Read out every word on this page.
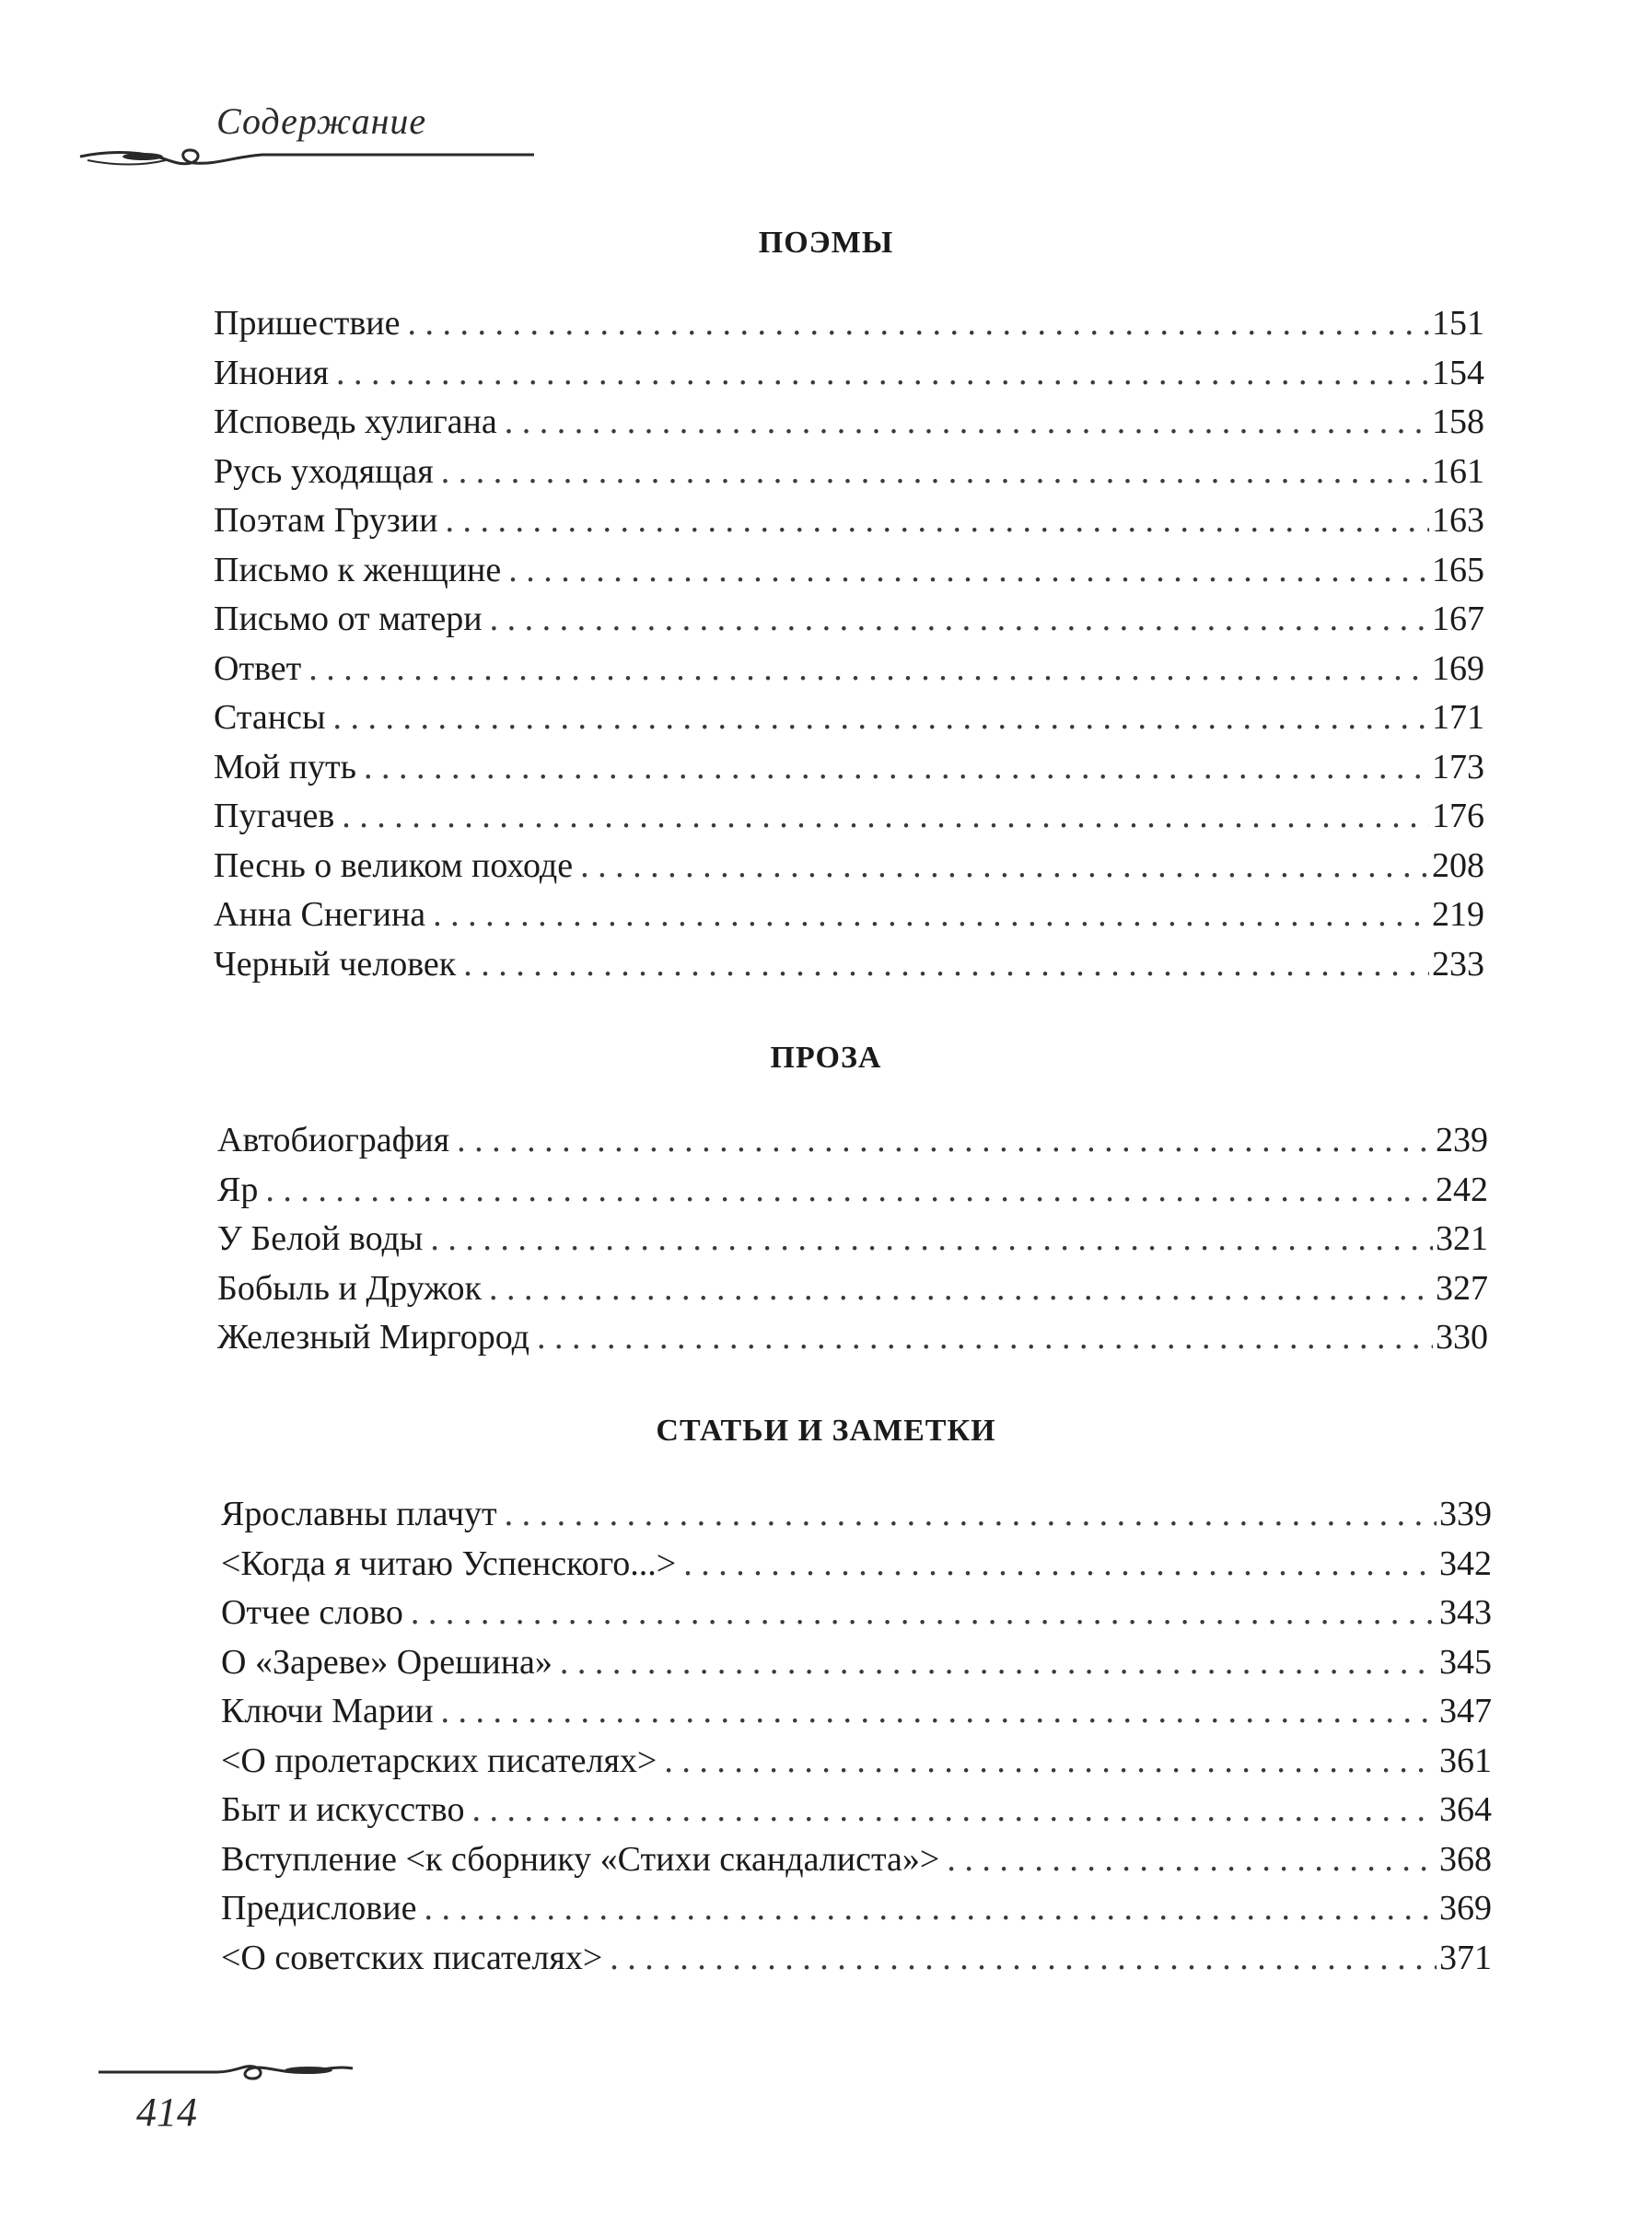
Содержание
ПОЭМЫ
Пришествие . . .	151
Инония . . .	154
Исповедь хулигана . . .	158
Русь уходящая . . .	161
Поэтам Грузии . . .	163
Письмо к женщине . . .	165
Письмо от матери . . .	167
Ответ . . .	169
Стансы . . .	171
Мой путь . . .	173
Пугачев . . .	176
Песнь о великом походе . . .	208
Анна Снегина . . .	219
Черный человек . . .	233
ПРОЗА
Автобиография . . .	239
Яр . . .	242
У Белой воды . . .	321
Бобыль и Дружок . . .	327
Железный Миргород . . .	330
СТАТЬИ И ЗАМЕТКИ
Ярославны плачут . . .	339
<Когда я читаю Успенского...> . . .	342
Отчее слово . . .	343
О «Зареве» Орешина» . . .	345
Ключи Марии . . .	347
<О пролетарских писателях> . . .	361
Быт и искусство . . .	364
Вступление <к сборнику «Стихи скандалиста»> . . .	368
Предисловие . . .	369
<О советских писателях> . . .	371
414
